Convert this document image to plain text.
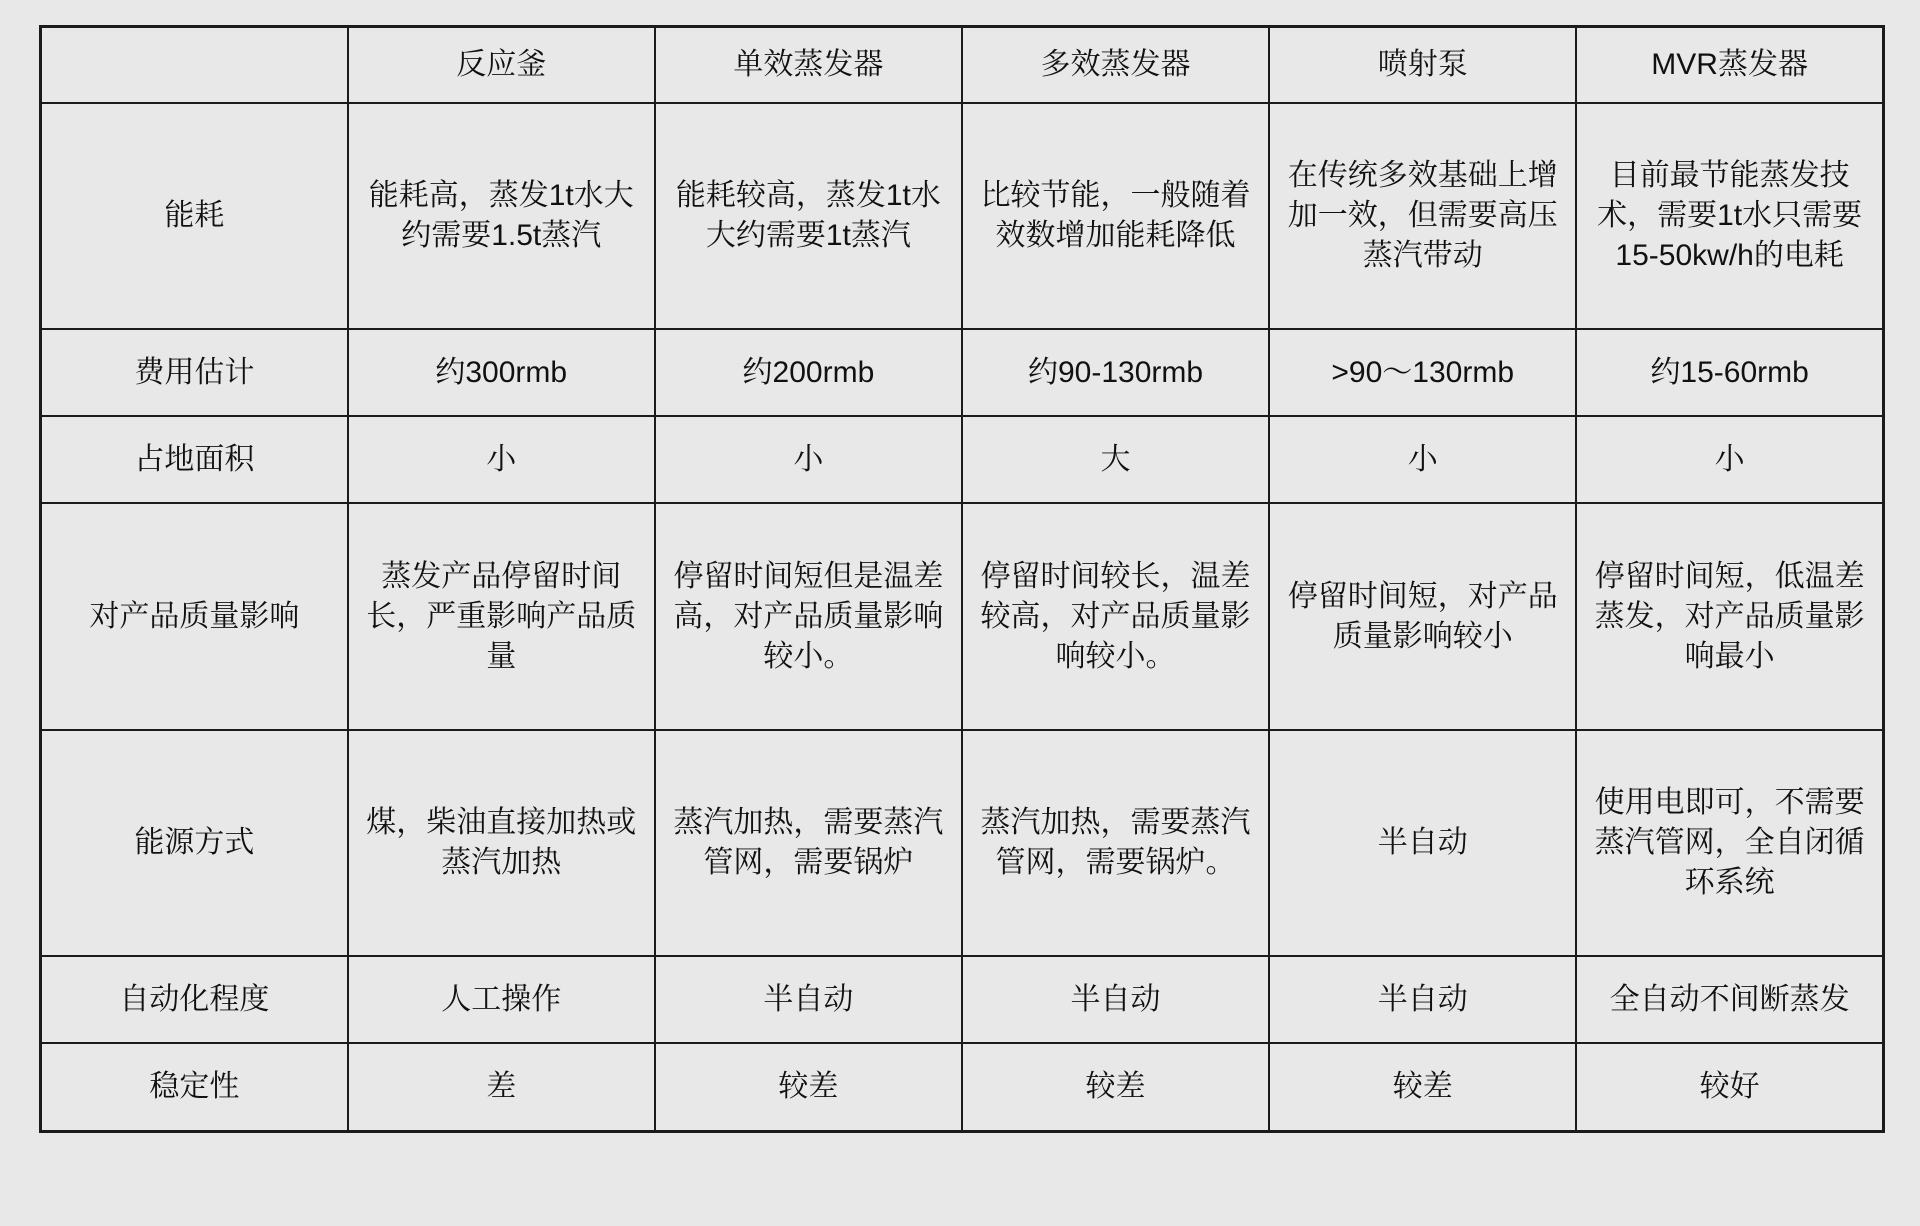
	反应釜	单效蒸发器	多效蒸发器	喷射泵	MVR蒸发器
能耗	能耗高，蒸发1t水大约需要1.5t蒸汽	能耗较高，蒸发1t水大约需要1t蒸汽	比较节能，一般随着效数增加能耗降低	在传统多效基础上增加一效，但需要高压蒸汽带动	目前最节能蒸发技术，需要1t水只需要15-50kw/h的电耗
费用估计	约300rmb	约200rmb	约90-130rmb	>90～130rmb	约15-60rmb
占地面积	小	小	大	小	小
对产品质量影响	蒸发产品停留时间长，严重影响产品质量	停留时间短但是温差高，对产品质量影响较小。	停留时间较长，温差较高，对产品质量影响较小。	停留时间短，对产品质量影响较小	停留时间短，低温差蒸发，对产品质量影响最小
能源方式	煤，柴油直接加热或蒸汽加热	蒸汽加热，需要蒸汽管网，需要锅炉	蒸汽加热，需要蒸汽管网，需要锅炉。	半自动	使用电即可，不需要蒸汽管网，全自闭循环系统
自动化程度	人工操作	半自动	半自动	半自动	全自动不间断蒸发
稳定性	差	较差	较差	较差	较好
